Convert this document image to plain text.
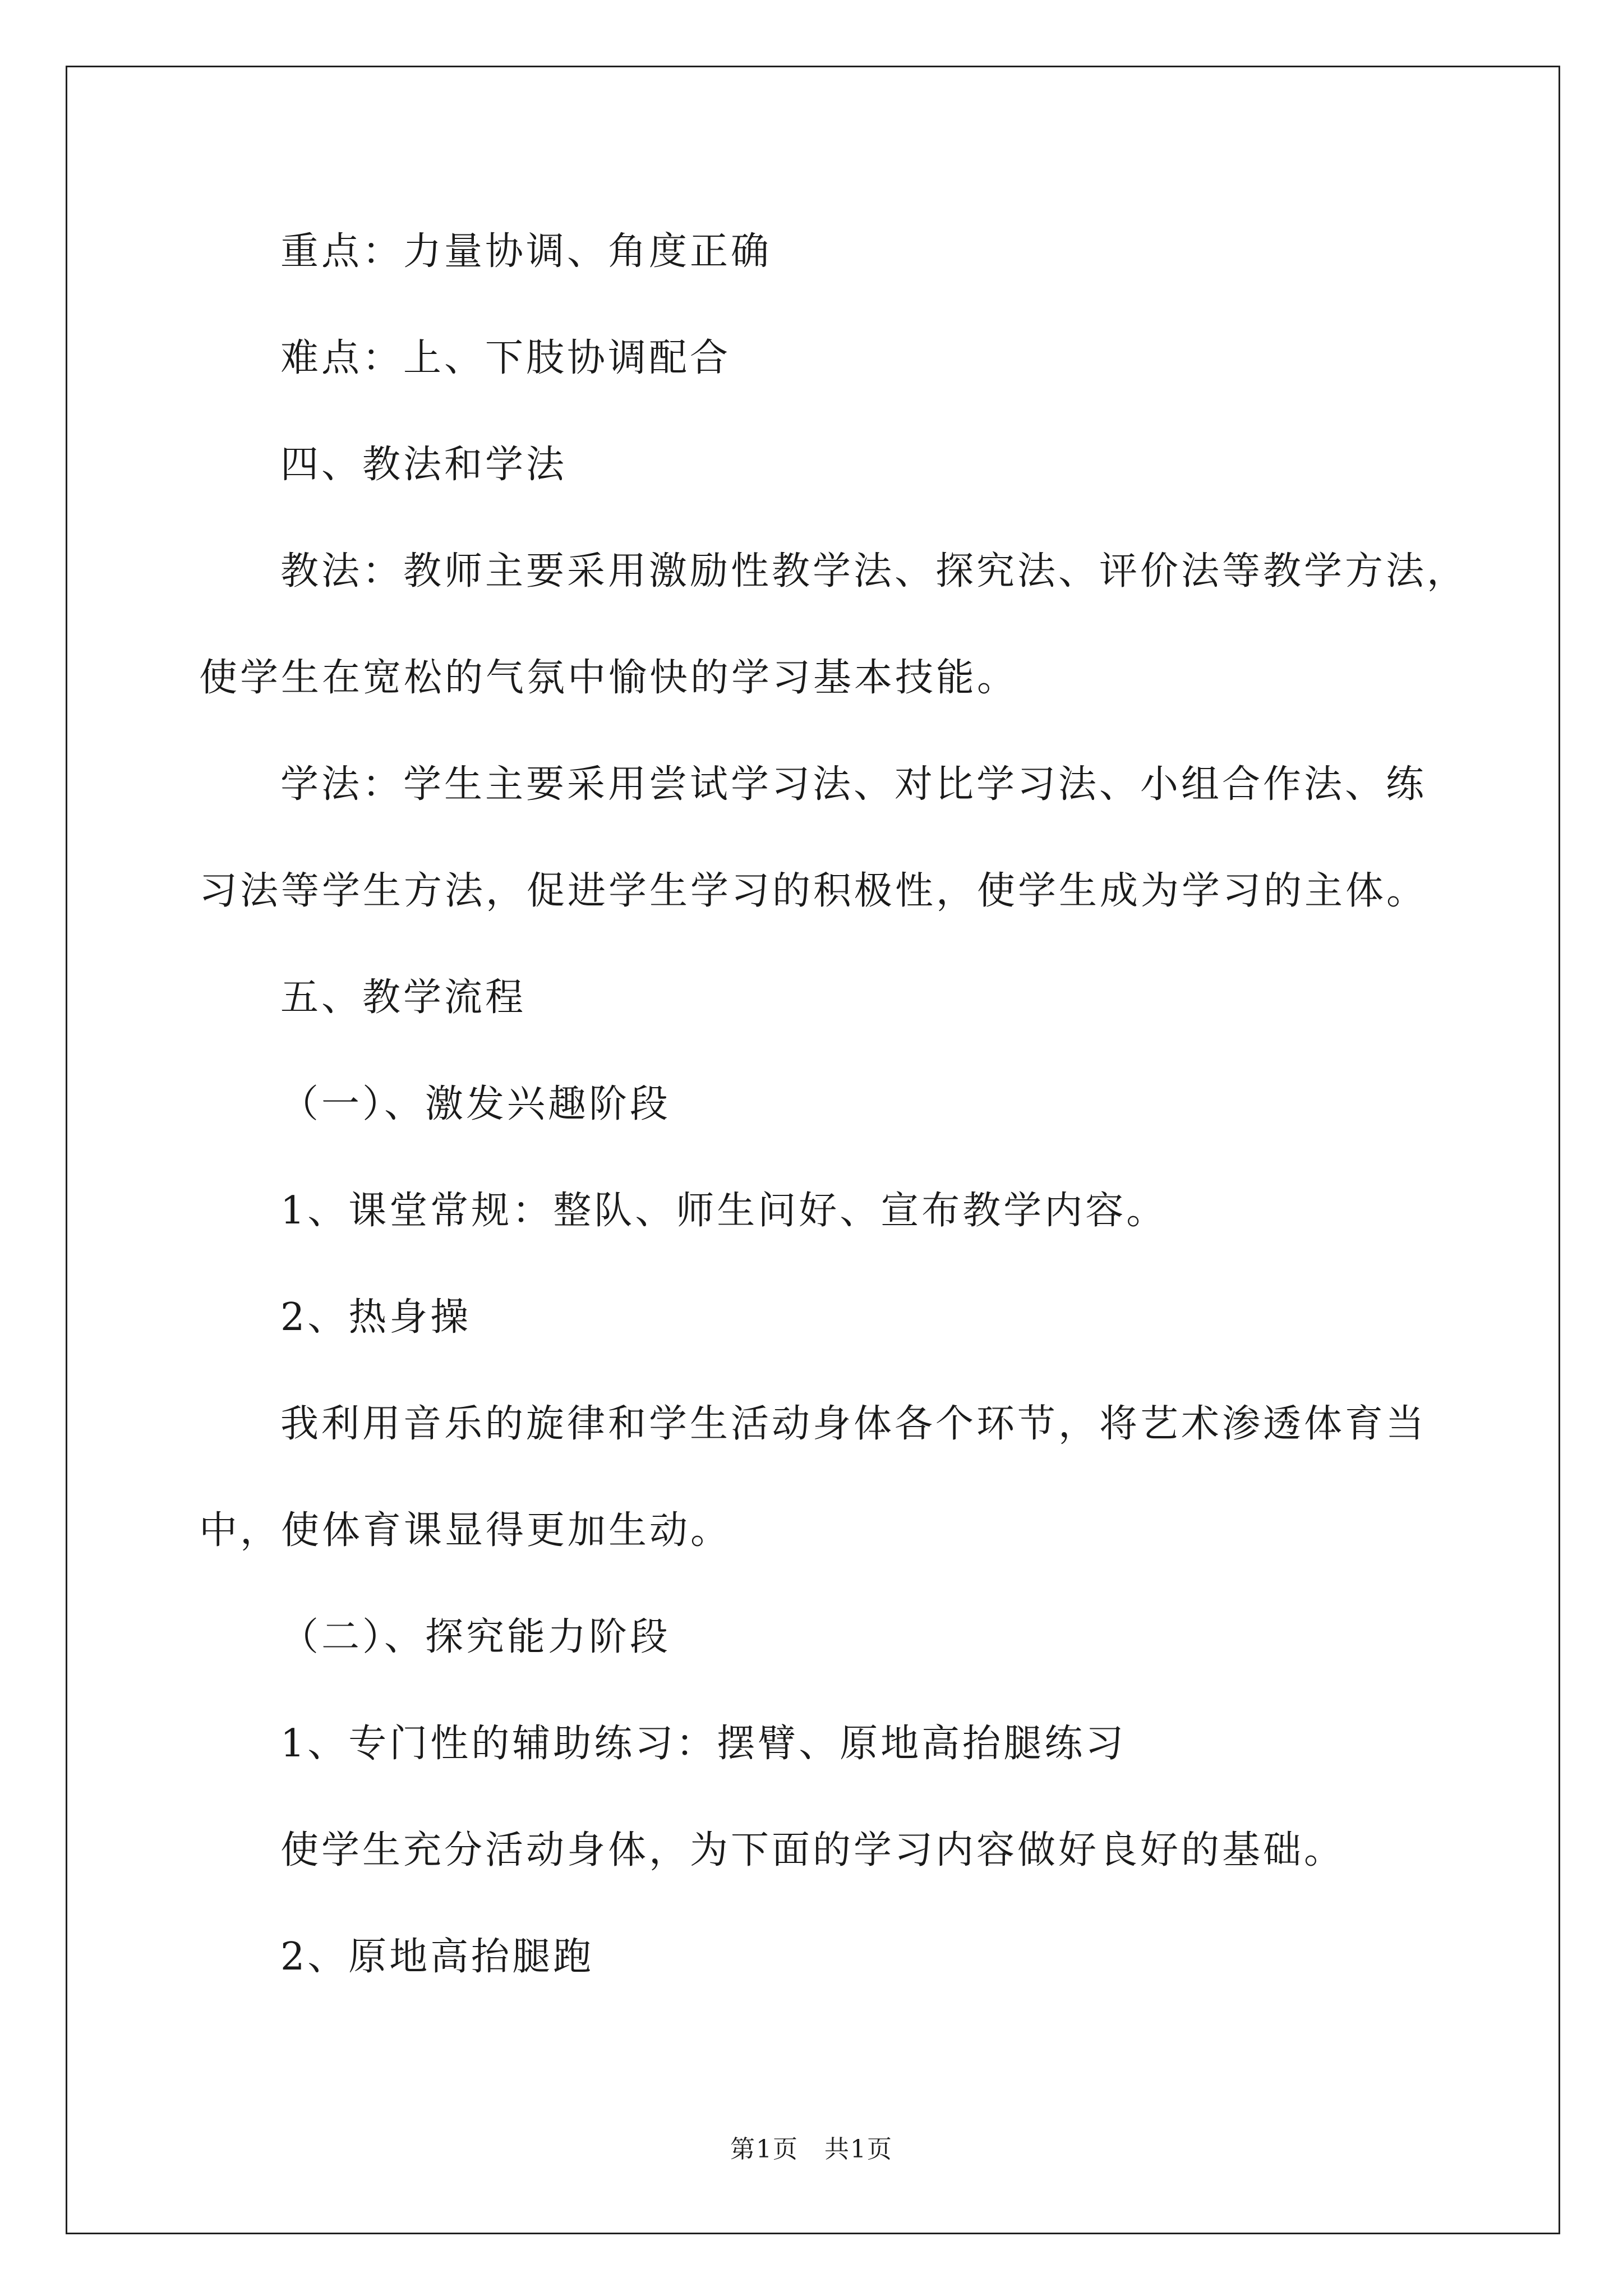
重点：力量协调、角度正确
难点：上、下肢协调配合
四、教法和学法
教法：教师主要采用激励性教学法、探究法、评价法等教学方法，
使学生在宽松的气氛中愉快的学习基本技能。
学法：学生主要采用尝试学习法、对比学习法、小组合作法、练
习法等学生方法，促进学生学习的积极性，使学生成为学习的主体。
五、教学流程
（一）、激发兴趣阶段
1、课堂常规：整队、师生问好、宣布教学内容。
2、热身操
我利用音乐的旋律和学生活动身体各个环节，将艺术渗透体育当
中，使体育课显得更加生动。
（二）、探究能力阶段
1、专门性的辅助练习：摆臂、原地高抬腿练习
使学生充分活动身体，为下面的学习内容做好良好的基础。
2、原地高抬腿跑
第1页　共1页
